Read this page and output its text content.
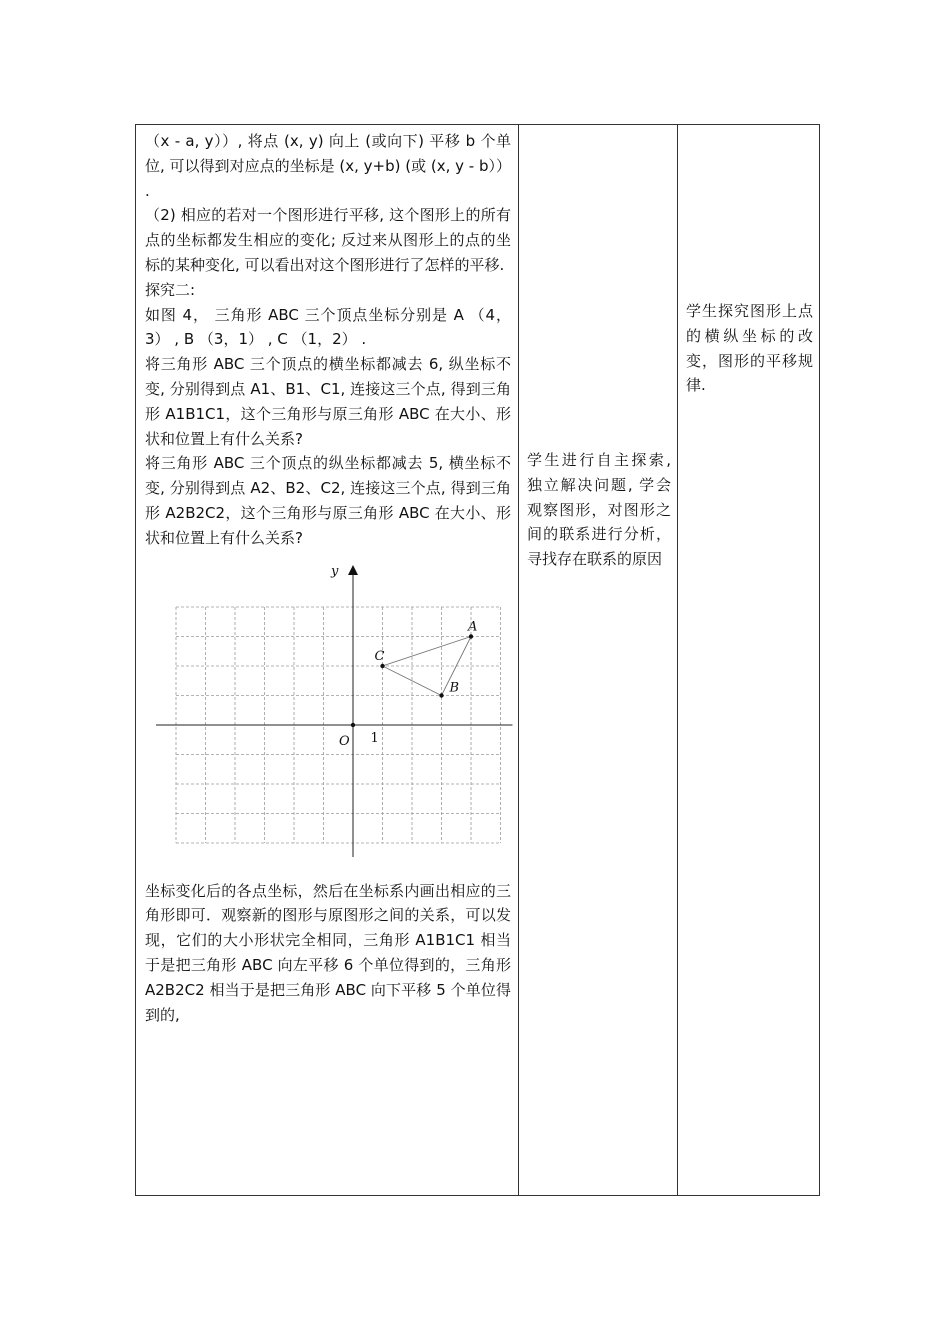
（x - a, y））, 将点 (x, y) 向上 (或向下) 平移 b 个单位, 可以得到对应点的坐标是 (x, y+b) (或 (x, y - b）） .

（2) 相应的若对一个图形进行平移, 这个图形上的所有点的坐标都发生相应的变化; 反过来从图形上的点的坐标的某种变化, 可以看出对这个图形进行了怎样的平移.

探究二:

如图 4， 三角形 ABC 三个顶点坐标分别是 A （4，3） , B （3，1） , C （1，2） .

将三角形 ABC 三个顶点的横坐标都减去 6, 纵坐标不变, 分别得到点 A1、B1、C1, 连接这三个点, 得到三角形 A1B1C1，这个三角形与原三角形 ABC 在大小、形状和位置上有什么关系?

将三角形 ABC 三个顶点的纵坐标都减去 5, 横坐标不变, 分别得到点 A2、B2、C2, 连接这三个点, 得到三角形 A2B2C2，这个三角形与原三角形 ABC 在大小、形状和位置上有什么关系?

y
O 1
A
B
C

坐标变化后的各点坐标，然后在坐标系内画出相应的三角形即可．观察新的图形与原图形之间的关系，可以发现，它们的大小形状完全相同，三角形 A1B1C1 相当于是把三角形 ABC 向左平移 6 个单位得到的，三角形 A2B2C2 相当于是把三角形 ABC 向下平移 5 个单位得到的,

学生进行自主探索, 独立解决问题, 学会观察图形，对图形之间的联系进行分析，寻找存在联系的原因

学生探究图形上点的横纵坐标的改变，图形的平移规律.
